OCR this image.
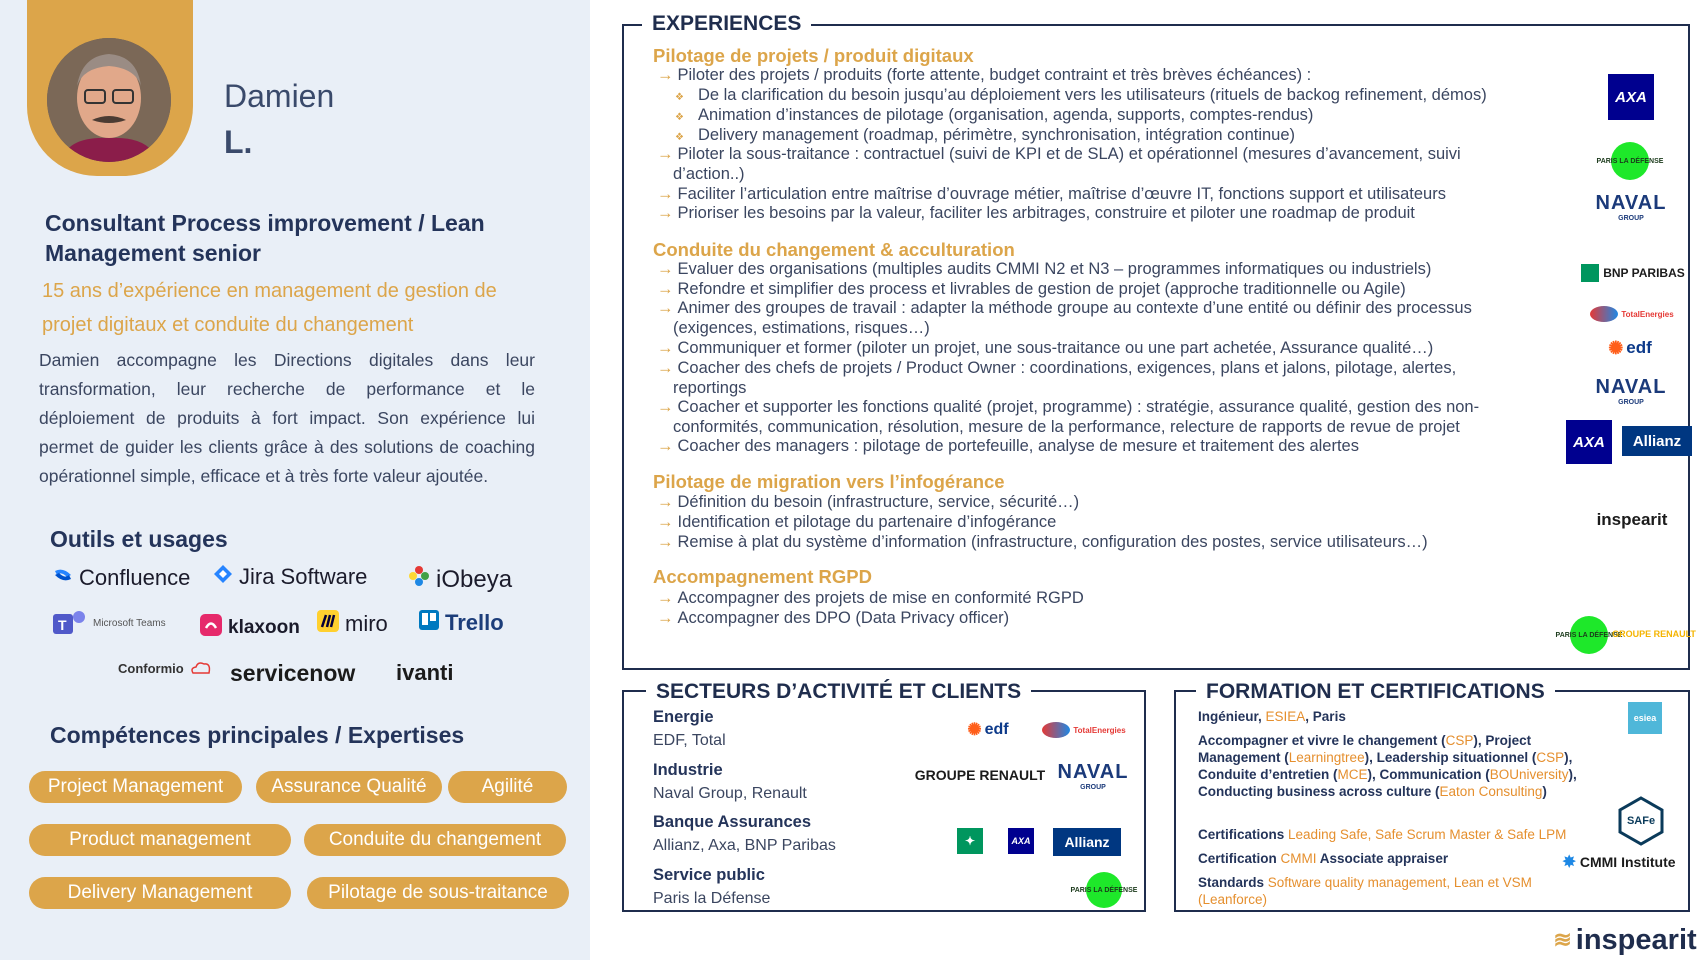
Damien
L.
Consultant Process improvement / Lean Management senior
15 ans d’expérience en management de gestion de projet digitaux et conduite du changement
Damien accompagne les Directions digitales dans leur transformation, leur recherche de performance et le déploiement de produits à fort impact. Son expérience lui permet de guider les clients grâce à des solutions de coaching opérationnel simple, efficace et à très forte valeur ajoutée.
Outils et usages
Confluence Jira Software	iObeya
T	Microsoft Teams	klaxoon miro	Trello
Conformio servicenow ivanti
Compétences principales / Expertises
Project Management	Assurance Qualité	Agilité
Product management	Conduite du changement
Delivery Management	Pilotage de sous-traitance
EXPERIENCES
Pilotage de projets / produit digitaux
→ Piloter des projets / produits (forte attente, budget contraint et très brèves échéances) :
❖ De la clarification du besoin jusqu’au déploiement vers les utilisateurs (rituels de backog refinement, démos)
❖ Animation d’instances de pilotage (organisation, agenda, supports, comptes-rendus)
❖ Delivery management (roadmap, périmètre, synchronisation, intégration continue)
→ Piloter la sous-traitance : contractuel (suivi de KPI et de SLA) et opérationnel (mesures d’avancement, suivi
d’action..)
→ Faciliter l’articulation entre maîtrise d’ouvrage métier, maîtrise d’œuvre IT, fonctions support et utilisateurs
→ Prioriser les besoins par la valeur, faciliter les arbitrages, construire et piloter une roadmap de produit
Conduite du changement & acculturation
→ Evaluer des organisations (multiples audits CMMI N2 et N3 – programmes informatiques ou industriels)
→ Refondre et simplifier des process et livrables de gestion de projet (approche traditionnelle ou Agile)
→ Animer des groupes de travail : adapter la méthode groupe au contexte d’une entité ou définir des processus
(exigences, estimations, risques…)
→ Communiquer et former (piloter un projet, une sous-traitance ou une part achetée, Assurance qualité…)
→ Coacher des chefs de projets / Product Owner : coordinations, exigences, plans et jalons, pilotage, alertes,
reportings
→ Coacher et supporter les fonctions qualité (projet, programme) : stratégie, assurance qualité, gestion des non-
conformités, communication, résolution, mesure de la performance, relecture de rapports de revue de projet
→ Coacher des managers : pilotage de portefeuille, analyse de mesure et traitement des alertes
Pilotage de migration vers l’infogérance
→ Définition du besoin (infrastructure, service, sécurité…)
→ Identification et pilotage du partenaire d’infogérance
→ Remise à plat du système d’information (infrastructure, configuration des postes, service utilisateurs…)
Accompagnement RGPD
→ Accompagner des projets de mise en conformité RGPD
→ Accompagner des DPO (Data Privacy officer)
AXA
PARIS LA DÉFENSE
NAVAL
GROUP
BNP PARIBAS
TotalEnergies
✺ edf
NAVAL
GROUP
AXA	Allianz
inspearit
PARIS LA DÉFENSE
GROUPE RENAULT
SECTEURS D’ACTIVITÉ ET CLIENTS
Energie
EDF, Total
Industrie
Naval Group, Renault
Banque Assurances
Allianz, Axa, BNP Paribas
Service public
Paris la Défense
✺ edf	TotalEnergies
GROUPE RENAULT NAVAL
GROUP
✦	AXA	Allianz
PARIS LA DÉFENSE
FORMATION ET CERTIFICATIONS
Ingénieur, ESIEA, Paris
Accompagner et vivre le changement (CSP), Project Management (Learningtree), Leadership situationnel (CSP), Conduite d’entretien (MCE), Communication (BOUniversity), Conducting business across culture (Eaton Consulting)
Certifications Leading Safe, Safe Scrum Master & Safe LPM
Certification CMMI Associate appraiser
Standards Software quality management, Lean et VSM (Leanforce)
esiea
SAFe
✸ CMMI Institute
≋ inspearit
